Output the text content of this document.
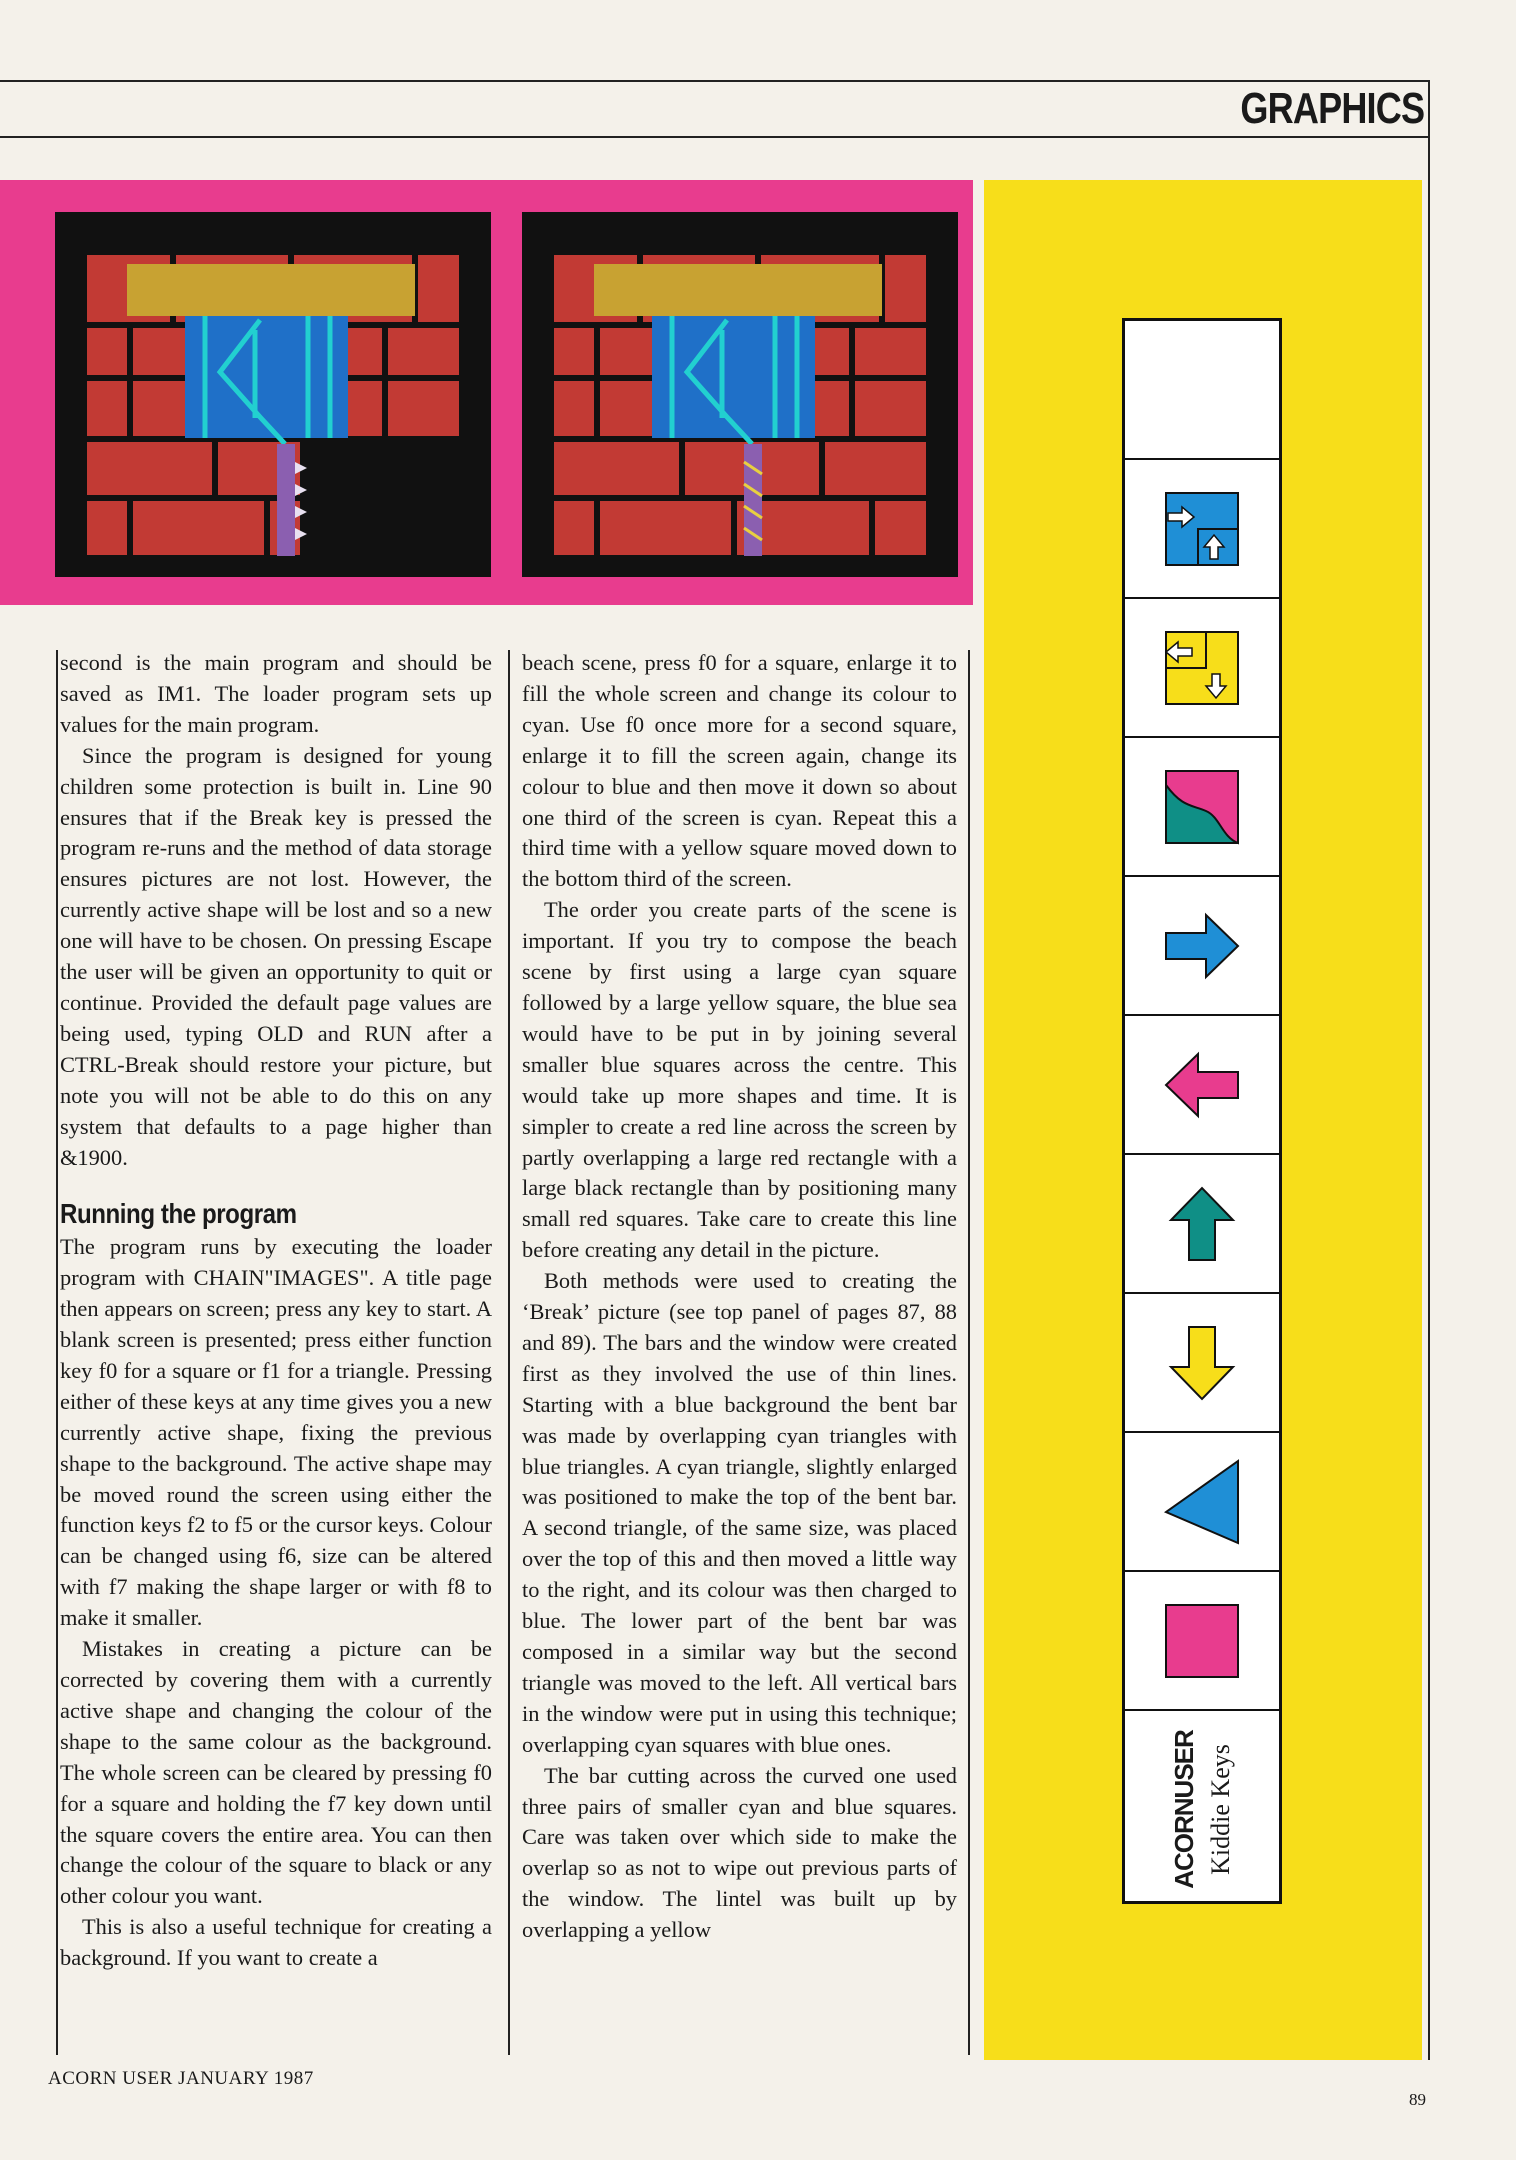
GRAPHICS
ACORNUSER Kiddie Keys

second is the main program and should be saved as IM1. The loader program sets up values for the main program.

Since the program is designed for young children some protection is built in. Line 90 ensures that if the Break key is pressed the program re-runs and the method of data storage ensures pictures are not lost. However, the currently active shape will be lost and so a new one will have to be chosen. On pressing Escape the user will be given an opportunity to quit or continue. Provided the default page values are being used, typing OLD and RUN after a CTRL-Break should restore your picture, but note you will not be able to do this on any system that defaults to a page higher than &1900.

Running the program

The program runs by executing the loader program with CHAIN"IMAGES". A title page then appears on screen; press any key to start. A blank screen is presented; press either function key f0 for a square or f1 for a triangle. Pressing either of these keys at any time gives you a new currently active shape, fixing the previous shape to the background. The active shape may be moved round the screen using either the function keys f2 to f5 or the cursor keys. Colour can be changed using f6, size can be altered with f7 making the shape larger or with f8 to make it smaller.

Mistakes in creating a picture can be corrected by covering them with a currently active shape and changing the colour of the shape to the same colour as the background. The whole screen can be cleared by pressing f0 for a square and holding the f7 key down until the square covers the entire area. You can then change the colour of the square to black or any other colour you want.

This is also a useful technique for creating a background. If you want to create a

beach scene, press f0 for a square, enlarge it to fill the whole screen and change its colour to cyan. Use f0 once more for a second square, enlarge it to fill the screen again, change its colour to blue and then move it down so about one third of the screen is cyan. Repeat this a third time with a yellow square moved down to the bottom third of the screen.

The order you create parts of the scene is important. If you try to compose the beach scene by first using a large cyan square followed by a large yellow square, the blue sea would have to be put in by joining several smaller blue squares across the centre. This would take up more shapes and time. It is simpler to create a red line across the screen by partly overlapping a large red rectangle with a large black rectangle than by positioning many small red squares. Take care to create this line before creating any detail in the picture.

Both methods were used to creating the ‘Break’ picture (see top panel of pages 87, 88 and 89). The bars and the window were created first as they involved the use of thin lines. Starting with a blue background the bent bar was made by overlapping cyan triangles with blue triangles. A cyan triangle, slightly enlarged was positioned to make the top of the bent bar. A second triangle, of the same size, was placed over the top of this and then moved a little way to the right, and its colour was then charged to blue. The lower part of the bent bar was composed in a similar way but the second triangle was moved to the left. All vertical bars in the window were put in using this technique; overlapping cyan squares with blue ones.

The bar cutting across the curved one used three pairs of smaller cyan and blue squares. Care was taken over which side to make the overlap so as not to wipe out previous parts of the window. The lintel was built up by overlapping a yellow

ACORN USER JANUARY 1987
89
